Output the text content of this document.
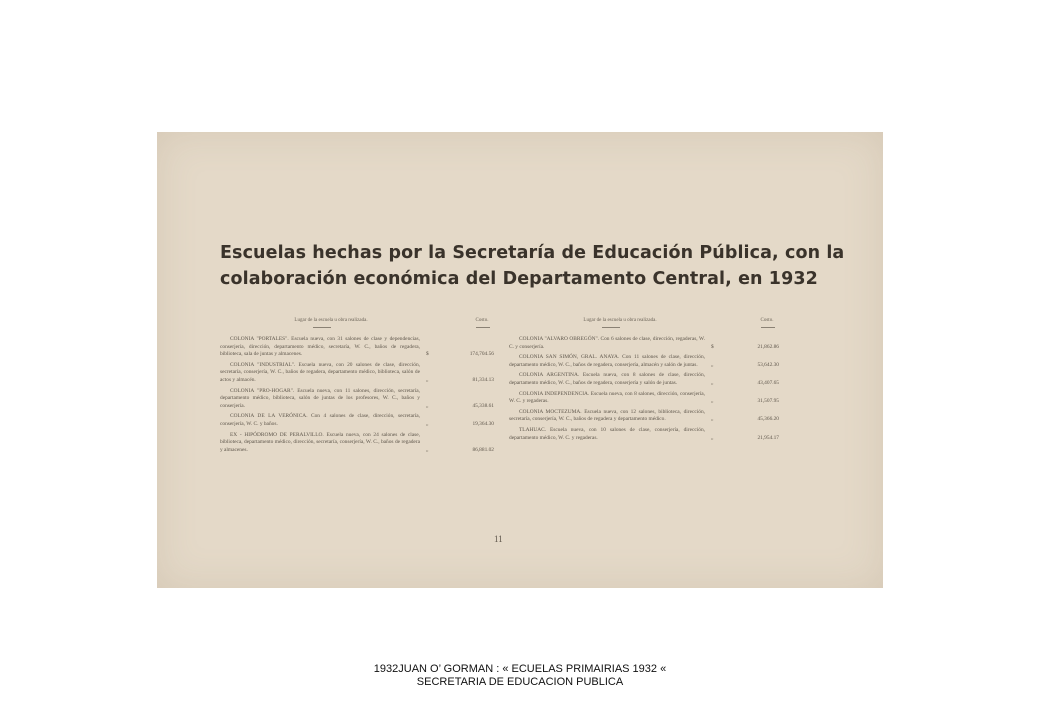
Escuelas hechas por la Secretaría de Educación Pública, con la
colaboración económica del Departamento Central, en 1932
Lugar de la escuela u obra realizada.	Costo.
COLONIA "PORTALES". Escuela nueva, con 31 salones de clase y dependencias, conserjería, dirección, departamento médico, secretaría, W. C., baños de regadera, biblioteca, sala de juntas y almacenes.	$	174,704.56
COLONIA "INDUSTRIAL". Escuela nueva, con 20 salones de clase, dirección, secretaría, conserjería, W. C., baños de regadera, departamento médico, biblioteca, salón de actos y almacén.	„	81,334.13
COLONIA "PRO-HOGAR". Escuela nueva, con 11 salones, dirección, secretaría, departamento médico, biblioteca, salón de juntas de los profesores, W. C., baños y conserjería.	„	45,338.61
COLONIA DE LA VERÓNICA. Con 4 salones de clase, dirección, secretaría, conserjería, W. C. y baños.	„	19,364.30
EX - HIPÓDROMO DE PERALVILLO. Escuela nueva, con 24 salones de clase, biblioteca, departamento médico, dirección, secretaría, conserjería, W. C., baños de regadera y almacenes.	„	86,881.02
Lugar de la escuela u obra realizada.	Costo.
COLONIA "ALVARO OBREGÓN". Con 6 salones de clase, dirección, regaderas, W. C. y conserjería.	$	21,862.86
COLONIA SAN SIMÓN, GRAL. ANAYA. Con 11 salones de clase, dirección, departamento médico, W. C., baños de regadera, conserjería, almacén y salón de juntas.	„	53,642.30
COLONIA ARGENTINA. Escuela nueva, con 8 salones de clase, dirección, departamento médico, W. C., baños de regadera, conserjería y salón de juntas.	„	43,407.65
COLONIA INDEPENDENCIA. Escuela nueva, con 8 salones, dirección, conserjería, W. C. y regaderas.	„	31,507.95
COLONIA MOCTEZUMA. Escuela nueva, con 12 salones, biblioteca, dirección, secretaría, conserjería, W. C., baños de regadera y departamento médico.	„	45,366.20
TLAHUAC. Escuela nueva, con 10 salones de clase, conserjería, dirección, departamento médico, W. C. y regaderas.	„	21,954.17
11
1932JUAN O’ GORMAN : « ECUELAS PRIMAIRIAS 1932 «
SECRETARIA DE EDUCACION PUBLICA
